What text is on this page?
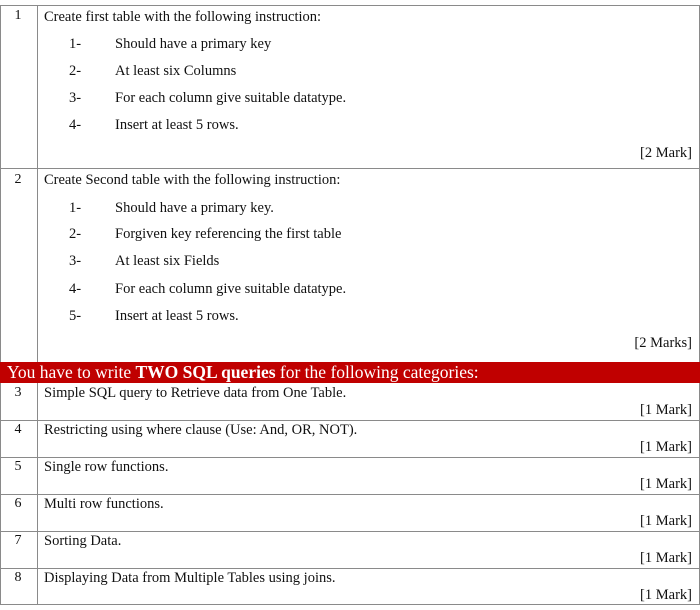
1	Create first table with the following instruction:
1- Should have a primary key
2- At least six Columns
3- For each column give suitable datatype.
4- Insert at least 5 rows.
[2 Mark]
2	Create Second table with the following instruction:
1- Should have a primary key.
2- Forgiven key referencing the first table
3- At least six Fields
4- For each column give suitable datatype.
5- Insert at least 5 rows.
[2 Marks]
You have to write TWO SQL queries for the following categories:
3	Simple SQL query to Retrieve data from One Table.
[1 Mark]
4	Restricting using where clause (Use: And, OR, NOT).
[1 Mark]
5	Single row functions.
[1 Mark]
6	Multi row functions.
[1 Mark]
7	Sorting Data.
[1 Mark]
8	Displaying Data from Multiple Tables using joins.
[1 Mark]
